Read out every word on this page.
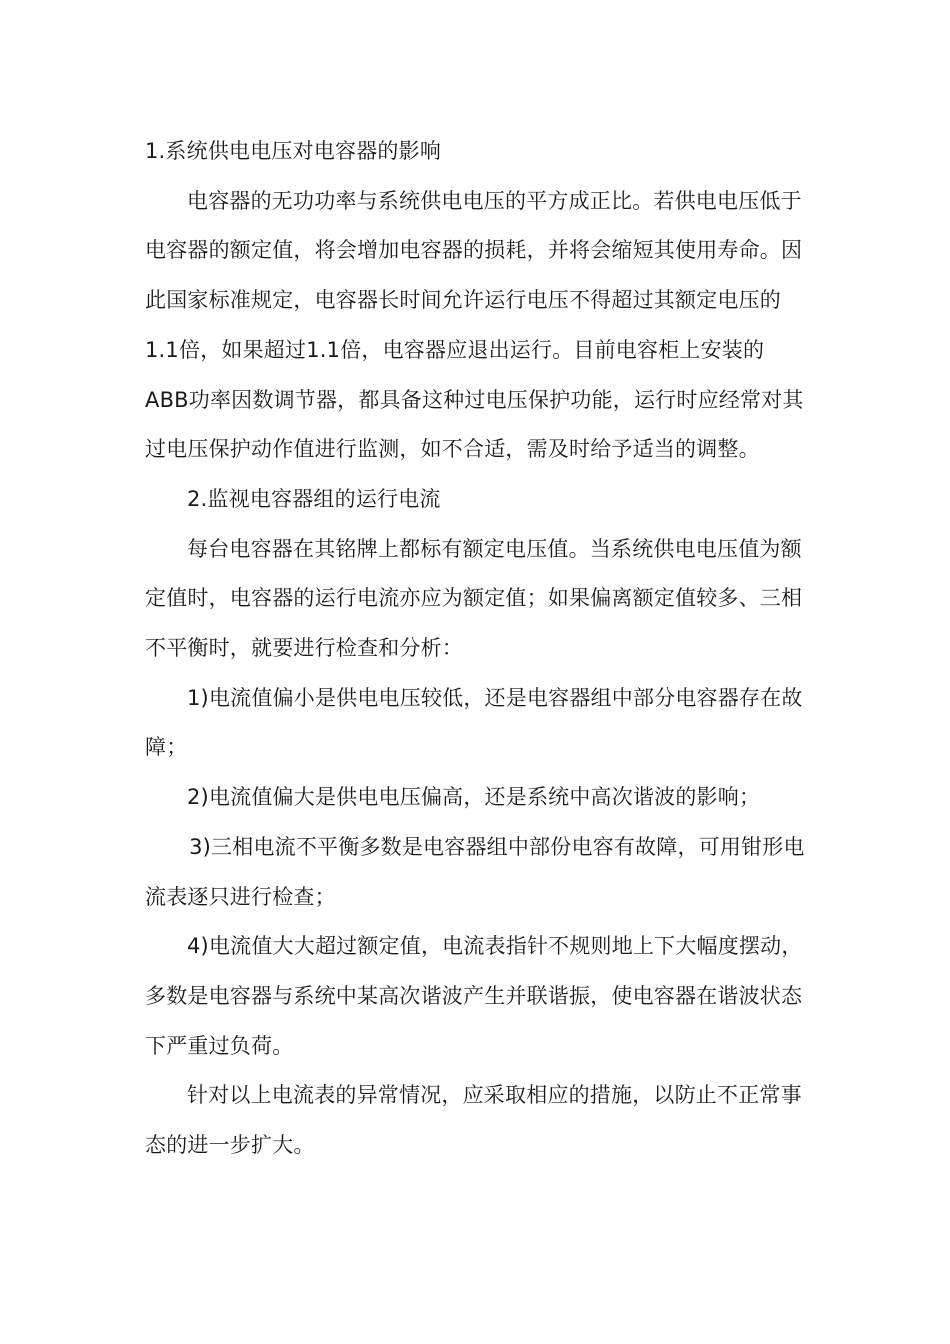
1.系统供电电压对电容器的影响

电容器的无功功率与系统供电电压的平方成正比。若供电电压低于电容器的额定值，将会增加电容器的损耗，并将会缩短其使用寿命。因此国家标准规定，电容器长时间允许运行电压不得超过其额定电压的1.1倍，如果超过1.1倍，电容器应退出运行。目前电容柜上安装的ABB功率因数调节器，都具备这种过电压保护功能，运行时应经常对其过电压保护动作值进行监测，如不合适，需及时给予适当的调整。

2.监视电容器组的运行电流

每台电容器在其铭牌上都标有额定电压值。当系统供电电压值为额定值时，电容器的运行电流亦应为额定值；如果偏离额定值较多、三相不平衡时，就要进行检查和分析：

1)电流值偏小是供电电压较低，还是电容器组中部分电容器存在故障；

2)电流值偏大是供电电压偏高，还是系统中高次谐波的影响；

3)三相电流不平衡多数是电容器组中部份电容有故障，可用钳形电流表逐只进行检查；

4)电流值大大超过额定值，电流表指针不规则地上下大幅度摆动，多数是电容器与系统中某高次谐波产生并联谐振，使电容器在谐波状态下严重过负荷。

针对以上电流表的异常情况，应采取相应的措施，以防止不正常事态的进一步扩大。
